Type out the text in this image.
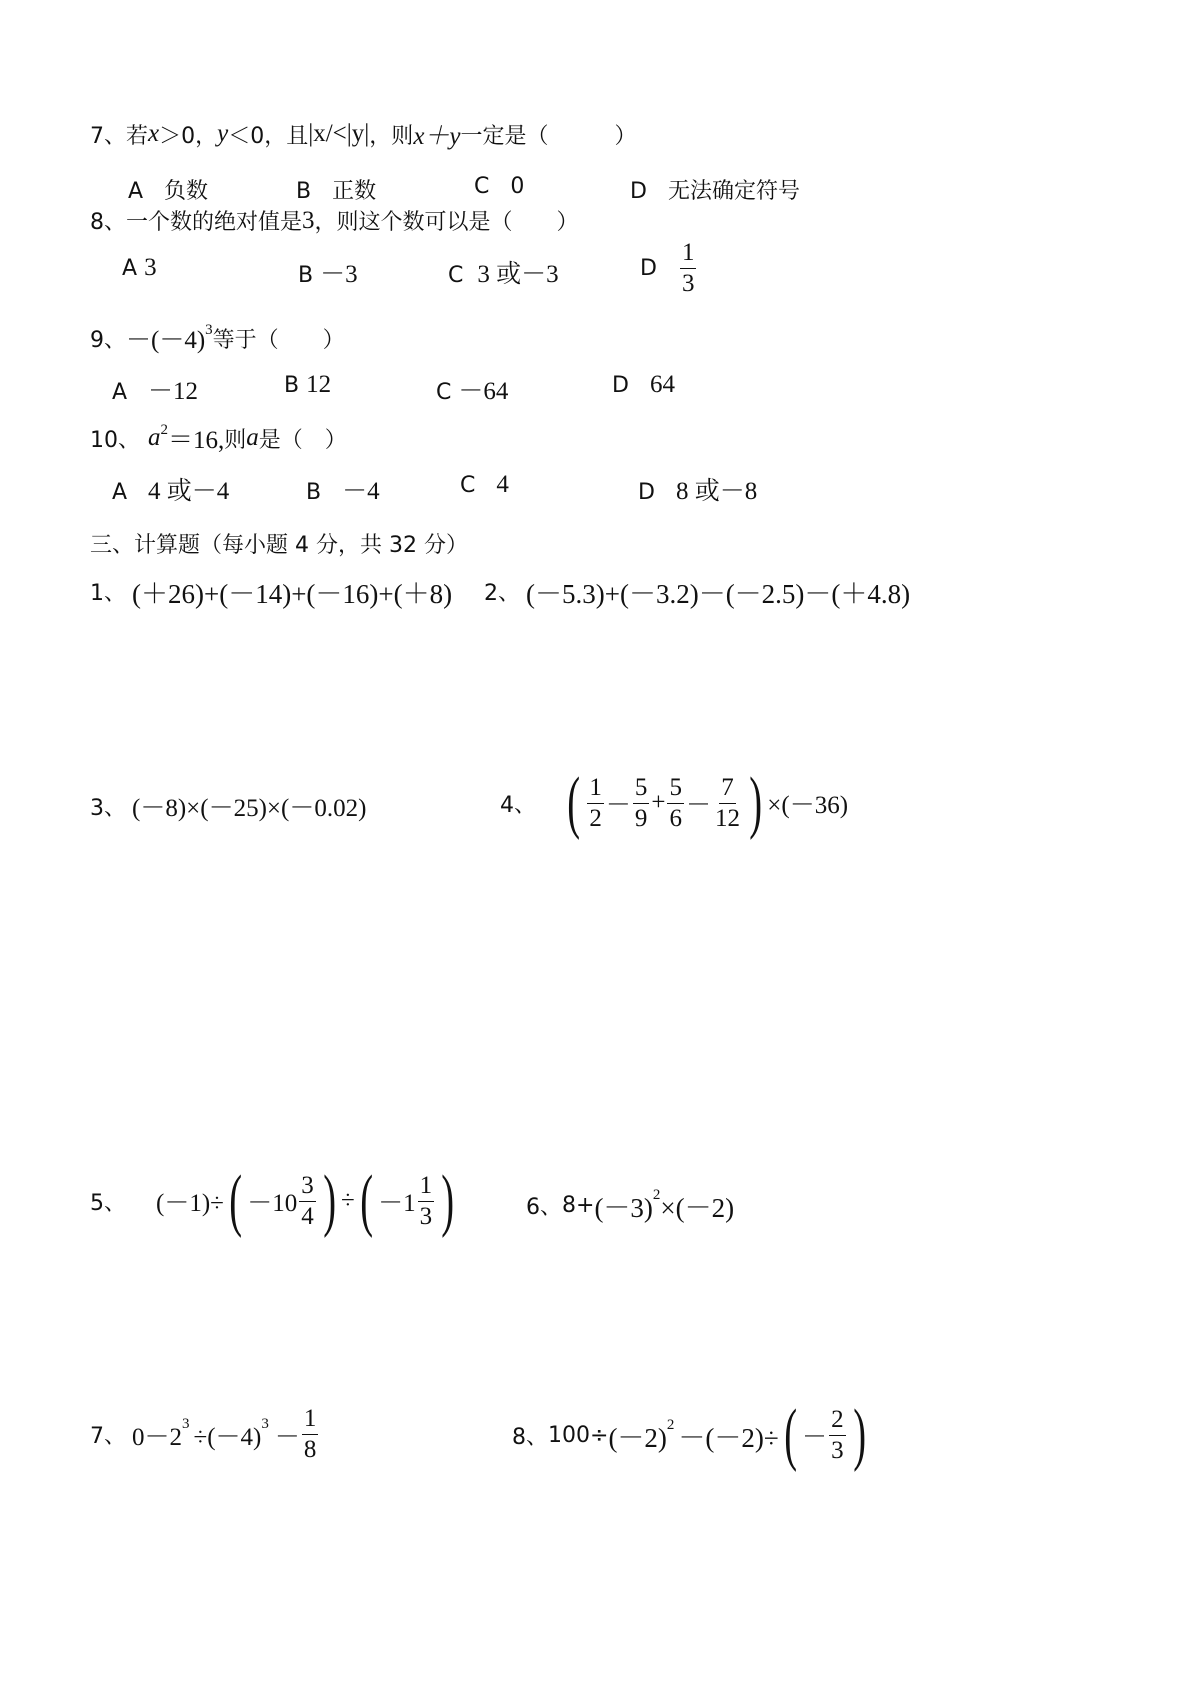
7、 若 x ＞0， y ＜0，且 |x/<|y| ，则 x＋y 一定是（　　　）
A 负数	B 正数	C 0	D 无法确定符号
8、 一个数的绝对值是 3 ，则这个数可以是（　　）
A 3	B －3	C 3 或－3	D
$\frac{1}{3}$
9、 $-(-4)^3$ 等于（　　）
A －12	B 12	C －64	D 64
10、 $a^2 =16$, 则 a 是（　）
A 4 或－4	B －4	C 4	D 8 或－8
三、计算题（每小题 4 分，共 32 分）
1、 (＋26)+(－14)+(－16)+(＋8) 2、 (－5.3)+(－3.2)－(－2.5)－(＋4.8)
3、 (－8)×(－25)×(－0.02)	4、 ( $\frac{1}{2} - \frac{5}{9} + \frac{5}{6} - \frac{7}{12}$ ) ×(－36)
5、 (－1)÷ ( $-10 \frac{3}{4}$ ) ÷ ( $-1 \frac{1}{3}$ )	6、 $8+ (-3)^2 \times(-2)$
7、 $0-2^3 \div(-4)^3 - \frac{1}{8}$	8、 $100\div (-2)^2 -(-2)\div$ ( － $\frac{2}{3}$ )
